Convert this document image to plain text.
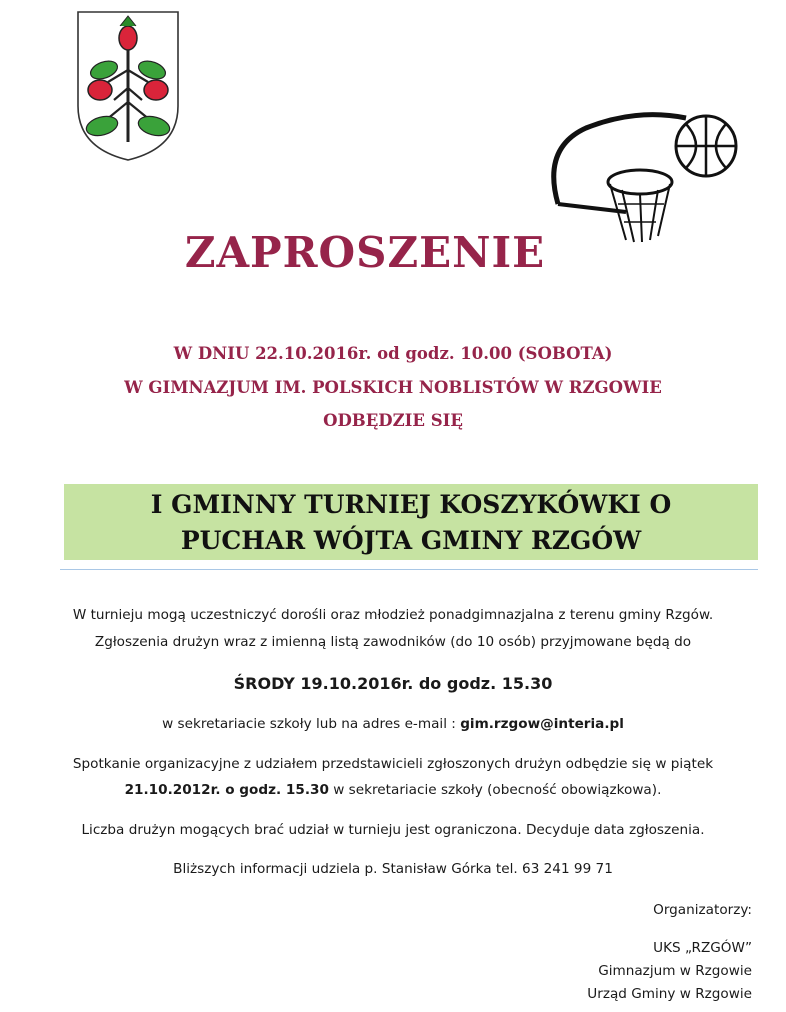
ZAPROSZENIE
W DNIU 22.10.2016r. od godz. 10.00 (SOBOTA)
W GIMNAZJUM IM. POLSKICH NOBLISTÓW W RZGOWIE
ODBĘDZIE SIĘ
I GMINNY TURNIEJ KOSZYKÓWKI O
PUCHAR WÓJTA GMINY RZGÓW
W turnieju mogą uczestniczyć dorośli oraz młodzież ponadgimnazjalna z terenu gminy Rzgów.
Zgłoszenia drużyn wraz z imienną listą zawodników (do 10 osób) przyjmowane będą do
ŚRODY 19.10.2016r. do godz. 15.30
w sekretariacie szkoły lub na adres e-mail : gim.rzgow@interia.pl
Spotkanie organizacyjne z udziałem przedstawicieli zgłoszonych drużyn odbędzie się w piątek
21.10.2012r. o godz. 15.30 w sekretariacie szkoły (obecność obowiązkowa).
Liczba drużyn mogących brać udział w turnieju jest ograniczona. Decyduje data zgłoszenia.
Bliższych informacji udziela p. Stanisław Górka tel. 63 241 99 71
Organizatorzy:
UKS „RZGÓW”
Gimnazjum w Rzgowie
Urząd Gminy w Rzgowie
